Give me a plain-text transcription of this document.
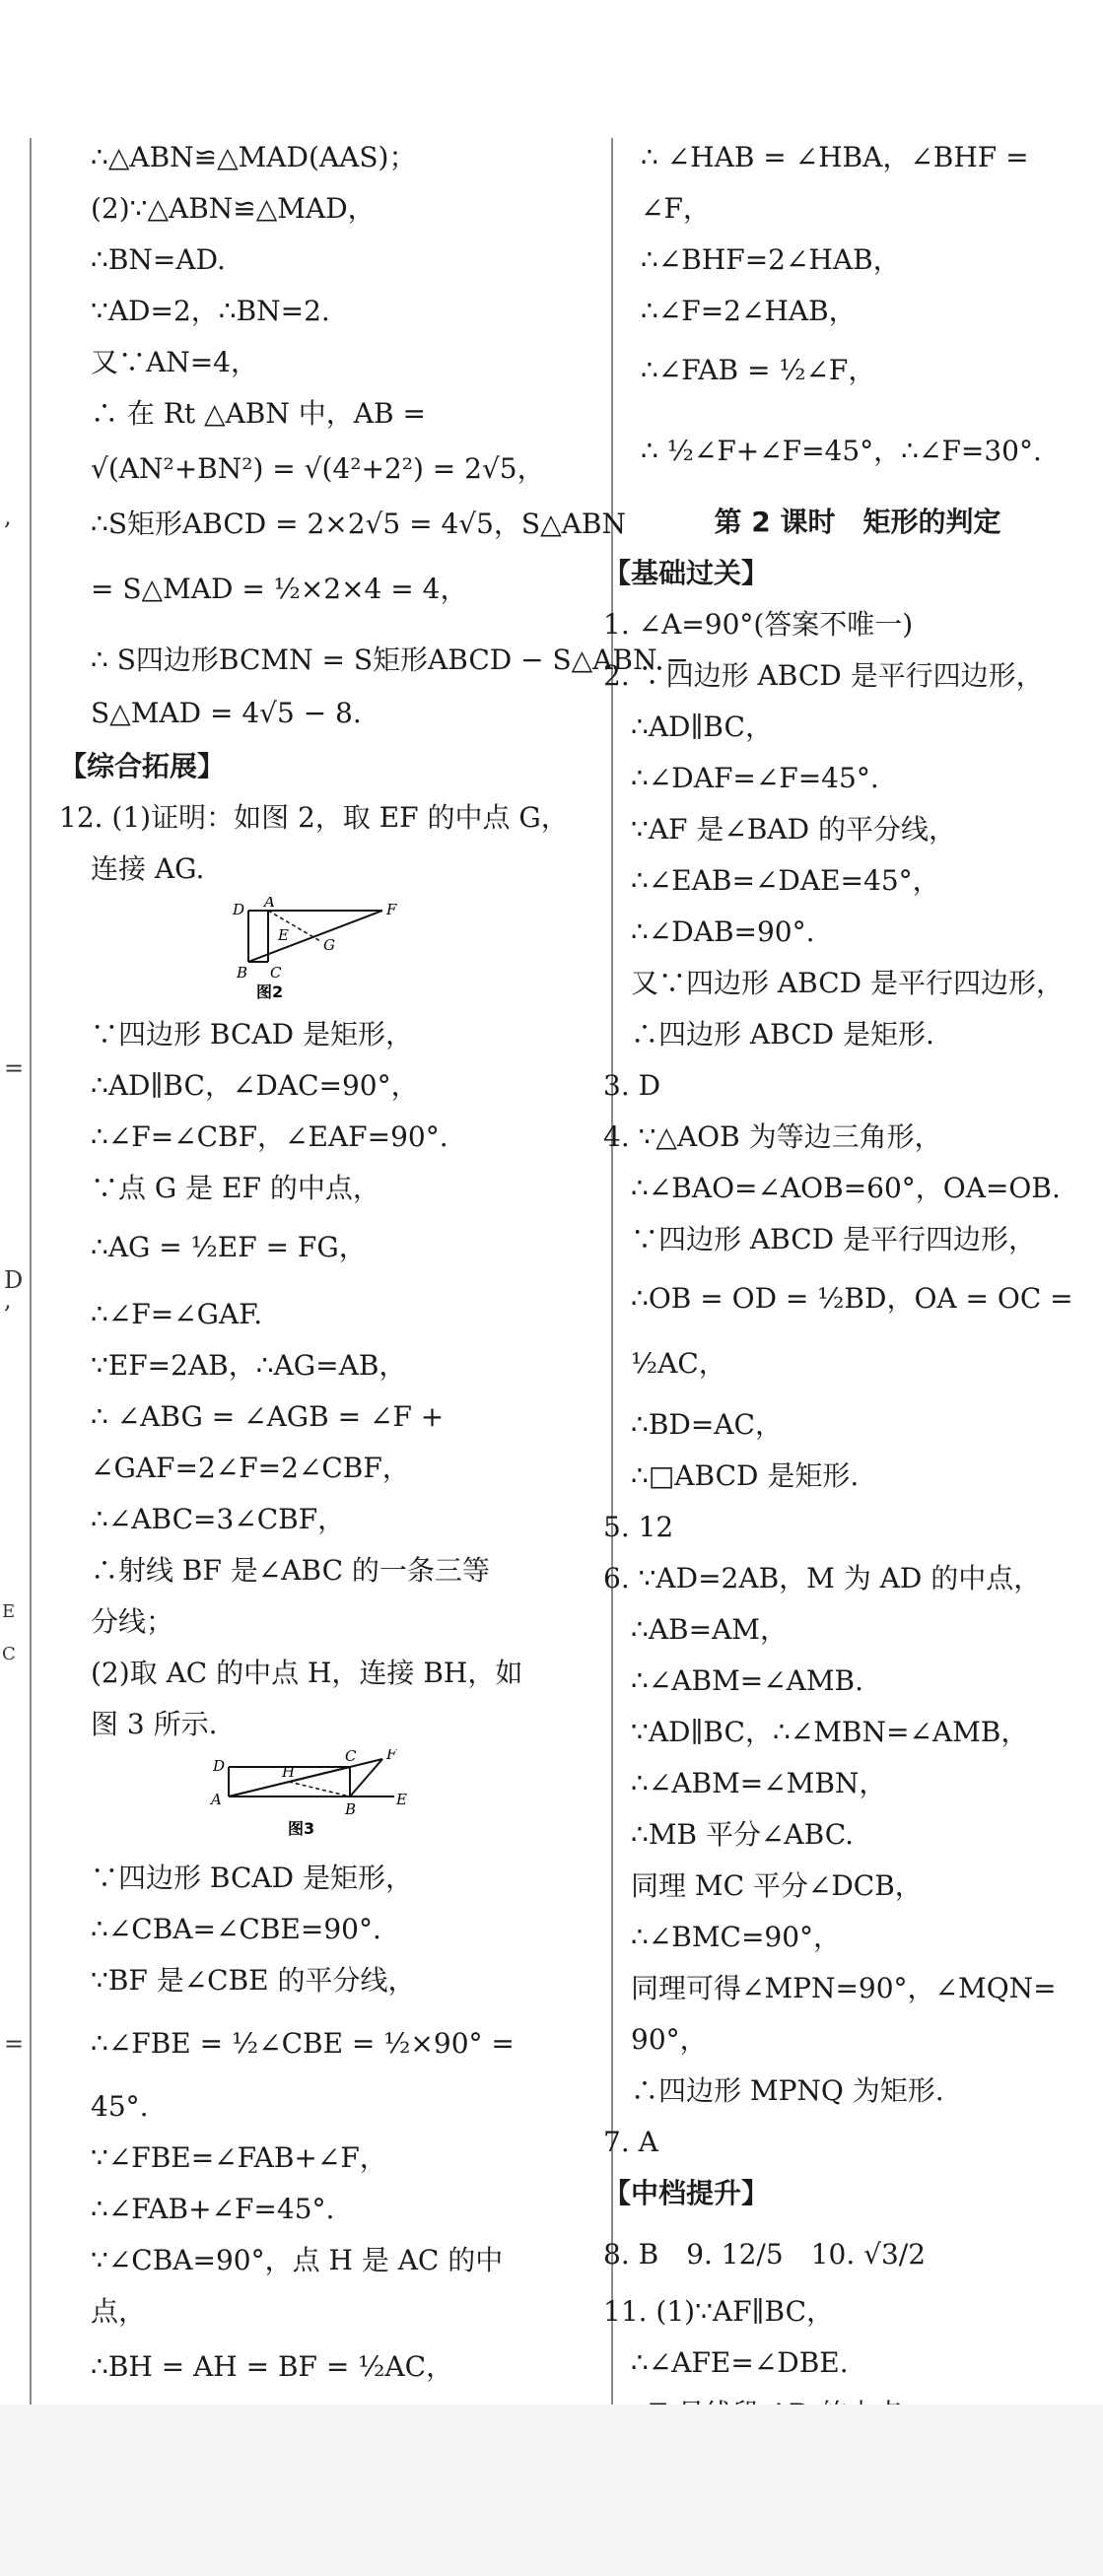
,
=
D
,
E
C
=
∴△ABN≌△MAD(AAS)；
(2)∵△ABN≌△MAD，
∴BN=AD.
∵AD=2，∴BN=2.
又∵AN=4，
∴ 在 Rt △ABN 中，AB =
√(AN²+BN²) = √(4²+2²) = 2√5，
∴S矩形ABCD = 2×2√5 = 4√5，S△ABN
= S△MAD = ½×2×4 = 4，
∴ S四边形BCMN = S矩形ABCD − S△ABN −
S△MAD = 4√5 − 8.
【综合拓展】
12. (1)证明：如图 2，取 EF 的中点 G，
连接 AG.
D A	F
E
G
B C
图2
∵四边形 BCAD 是矩形，
∴AD∥BC，∠DAC=90°，
∴∠F=∠CBF，∠EAF=90°.
∵点 G 是 EF 的中点，
∴AG = ½EF = FG，
∴∠F=∠GAF.
∵EF=2AB，∴AG=AB，
∴ ∠ABG = ∠AGB = ∠F +
∠GAF=2∠F=2∠CBF，
∴∠ABC=3∠CBF，
∴射线 BF 是∠ABC 的一条三等
分线；
(2)取 AC 的中点 H，连接 BH，如
图 3 所示.
D	H
C F
A
B
E
图3
∵四边形 BCAD 是矩形，
∴∠CBA=∠CBE=90°.
∵BF 是∠CBE 的平分线，
∴∠FBE = ½∠CBE = ½×90° =
45°.
∵∠FBE=∠FAB+∠F，
∴∠FAB+∠F=45°.
∵∠CBA=90°，点 H 是 AC 的中
点，
∴BH = AH = BF = ½AC，
∴ ∠HAB = ∠HBA，∠BHF =
∠F，
∴∠BHF=2∠HAB，
∴∠F=2∠HAB，
∴∠FAB = ½∠F，
∴ ½∠F+∠F=45°，∴∠F=30°.
第 2 课时　矩形的判定
【基础过关】
1. ∠A=90°(答案不唯一)
2. ∵四边形 ABCD 是平行四边形，
∴AD∥BC，
∴∠DAF=∠F=45°.
∵AF 是∠BAD 的平分线，
∴∠EAB=∠DAE=45°，
∴∠DAB=90°.
又∵四边形 ABCD 是平行四边形，
∴四边形 ABCD 是矩形.
3. D
4. ∵△AOB 为等边三角形，
∴∠BAO=∠AOB=60°，OA=OB.
∵四边形 ABCD 是平行四边形，
∴OB = OD = ½BD，OA = OC =
½AC，
∴BD=AC，
∴□ABCD 是矩形.
5. 12
6. ∵AD=2AB，M 为 AD 的中点，
∴AB=AM，
∴∠ABM=∠AMB.
∵AD∥BC，∴∠MBN=∠AMB，
∴∠ABM=∠MBN，
∴MB 平分∠ABC.
同理 MC 平分∠DCB，
∴∠BMC=90°，
同理可得∠MPN=90°，∠MQN=
90°，
∴四边形 MPNQ 为矩形.
7. A
【中档提升】
8. B　9. 12/5　10. √3/2
11. (1)∵AF∥BC，
∴∠AFE=∠DBE.
